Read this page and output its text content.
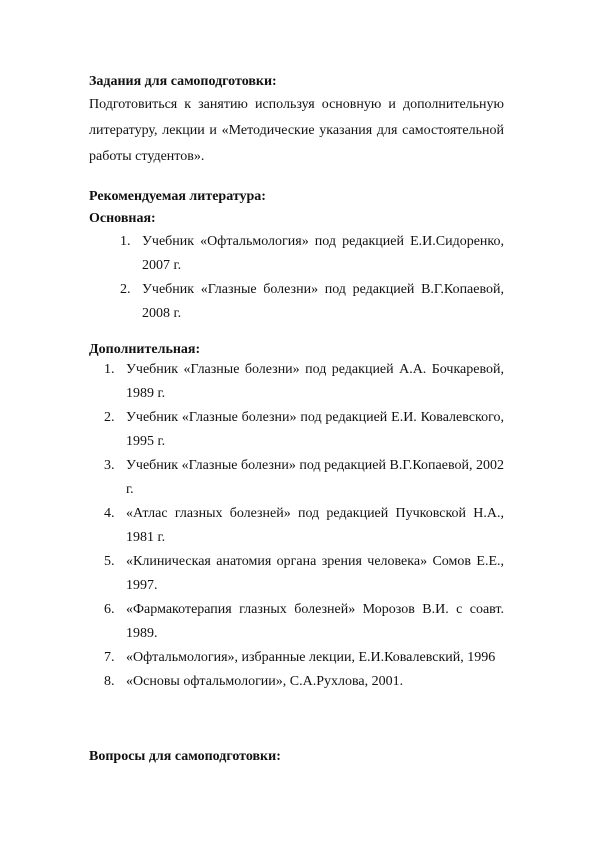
Задания для самоподготовки:
Подготовиться к занятию используя основную и дополнительную литературу, лекции и «Методические указания для самостоятельной работы студентов».
Рекомендуемая литература:
Основная:
1. Учебник «Офтальмология» под редакцией Е.И.Сидоренко, 2007 г.
2. Учебник «Глазные болезни» под редакцией В.Г.Копаевой, 2008 г.
Дополнительная:
1. Учебник «Глазные болезни» под редакцией А.А. Бочкаревой, 1989 г.
2. Учебник «Глазные болезни» под редакцией Е.И. Ковалевского, 1995 г.
3. Учебник «Глазные болезни» под редакцией В.Г.Копаевой, 2002 г.
4. «Атлас глазных болезней» под редакцией Пучковской Н.А., 1981 г.
5. «Клиническая анатомия органа зрения человека» Сомов Е.Е., 1997.
6. «Фармакотерапия глазных болезней» Морозов В.И. с соавт. 1989.
7. «Офтальмология», избранные лекции, Е.И.Ковалевский, 1996
8. «Основы офтальмологии», С.А.Рухлова, 2001.
Вопросы для самоподготовки:
